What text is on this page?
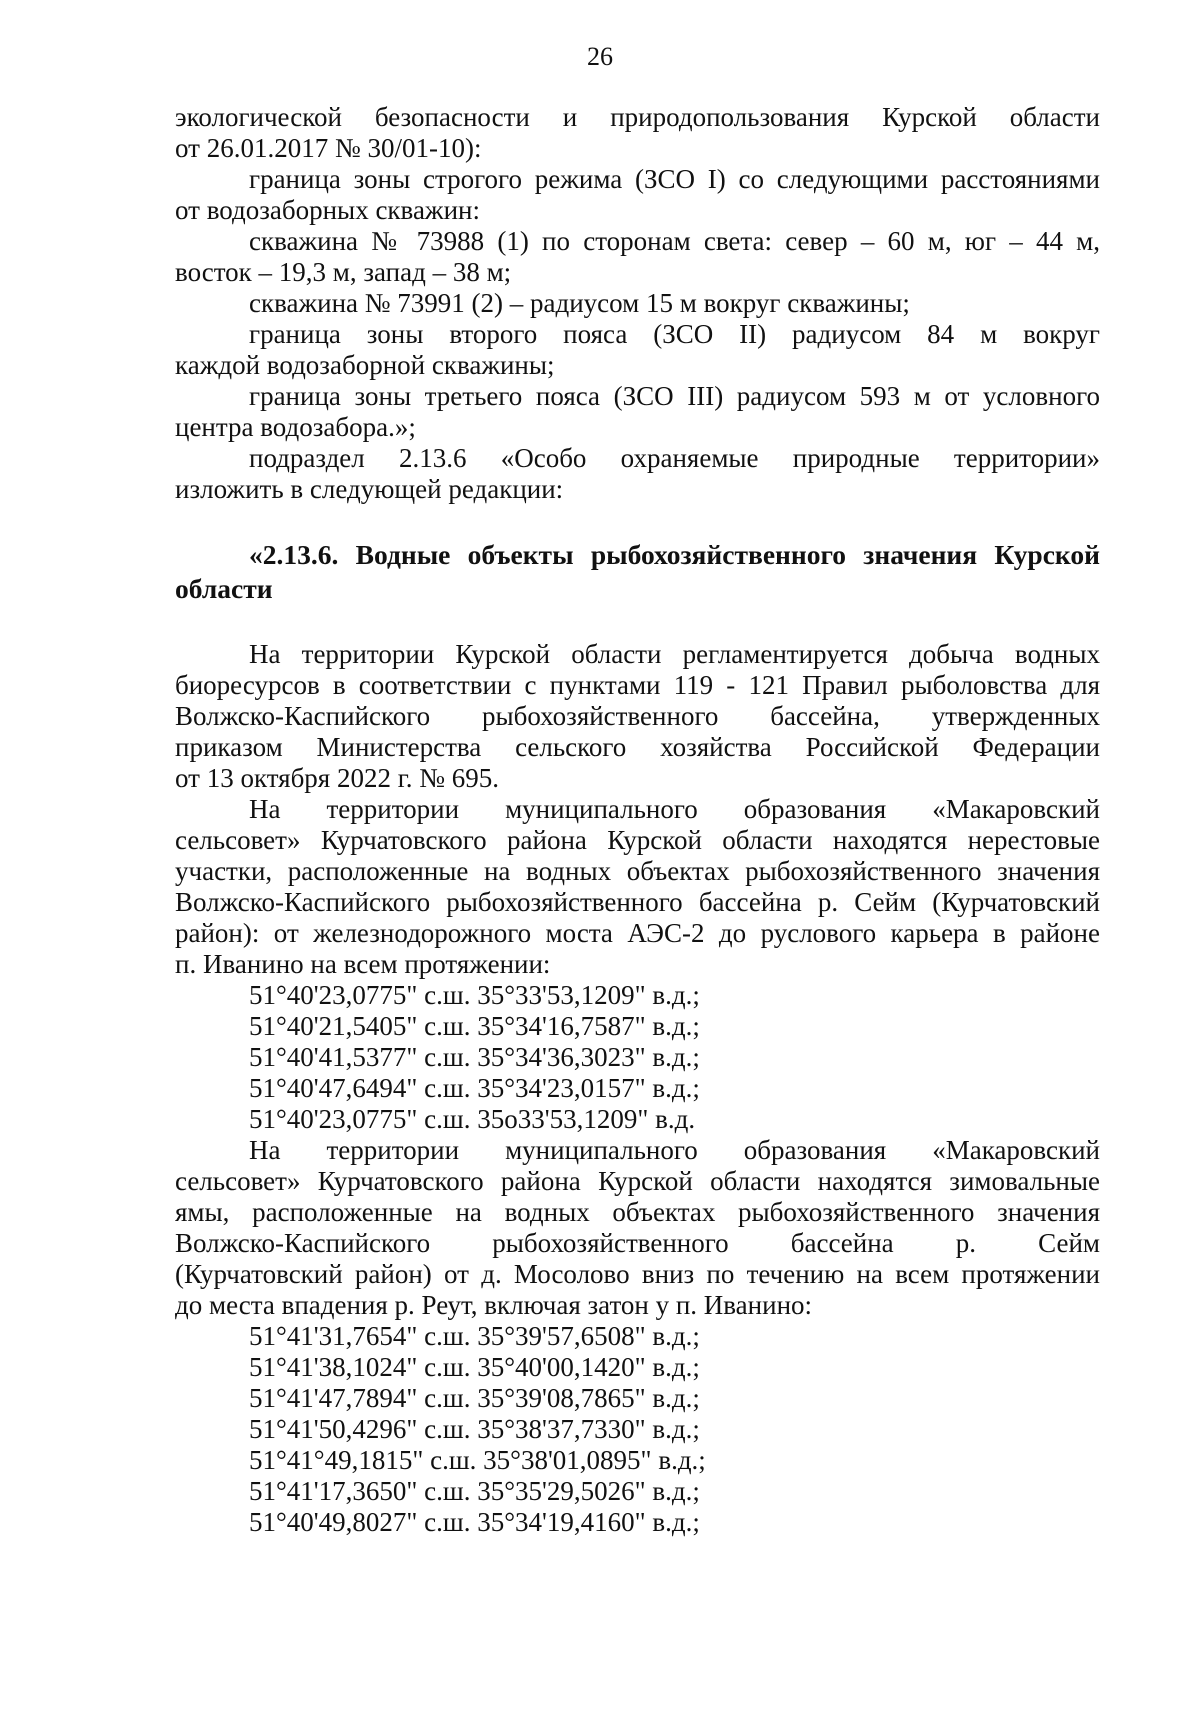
26

экологической безопасности и природопользования Курской области

от 26.01.2017 № 30/01-10):

граница зоны строгого режима (ЗСО I) со следующими расстояниями

от водозаборных скважин:

скважина № 73988 (1) по сторонам света: север – 60 м, юг – 44 м,

восток – 19,3 м, запад – 38 м;

скважина № 73991 (2) – радиусом 15 м вокруг скважины;

граница зоны второго пояса (ЗСО II) радиусом 84 м вокруг

каждой водозаборной скважины;

граница зоны третьего пояса (ЗСО III) радиусом 593 м от условного

центра водозабора.»;

подраздел 2.13.6 «Особо охраняемые природные территории»

изложить в следующей редакции:

«2.13.6. Водные объекты рыбохозяйственного значения Курской

области

На территории Курской области регламентируется добыча водных

биоресурсов в соответствии с пунктами 119 - 121 Правил рыболовства для

Волжско-Каспийского рыбохозяйственного бассейна, утвержденных

приказом Министерства сельского хозяйства Российской Федерации

от 13 октября 2022 г. № 695.

На территории муниципального образования «Макаровский

сельсовет» Курчатовского района Курской области находятся нерестовые

участки, расположенные на водных объектах рыбохозяйственного значения

Волжско-Каспийского рыбохозяйственного бассейна р. Сейм (Курчатовский

район): от железнодорожного моста АЭС-2 до руслового карьера в районе

п. Иванино на всем протяжении:

51°40'23,0775" с.ш. 35°33'53,1209" в.д.;

51°40'21,5405" с.ш. 35°34'16,7587" в.д.;

51°40'41,5377" с.ш. 35°34'36,3023" в.д.;

51°40'47,6494" с.ш. 35°34'23,0157" в.д.;

51°40'23,0775" с.ш. 35о33'53,1209" в.д.

На территории муниципального образования «Макаровский

сельсовет» Курчатовского района Курской области находятся зимовальные

ямы, расположенные на водных объектах рыбохозяйственного значения

Волжско-Каспийского рыбохозяйственного бассейна р. Сейм

(Курчатовский район) от д. Мосолово вниз по течению на всем протяжении

до места впадения р. Реут, включая затон у п. Иванино:

51°41'31,7654" с.ш. 35°39'57,6508" в.д.;

51°41'38,1024" с.ш. 35°40'00,1420" в.д.;

51°41'47,7894" с.ш. 35°39'08,7865" в.д.;

51°41'50,4296" с.ш. 35°38'37,7330" в.д.;

51°41°49,1815" с.ш. 35°38'01,0895" в.д.;

51°41'17,3650" с.ш. 35°35'29,5026" в.д.;

51°40'49,8027" с.ш. 35°34'19,4160" в.д.;
